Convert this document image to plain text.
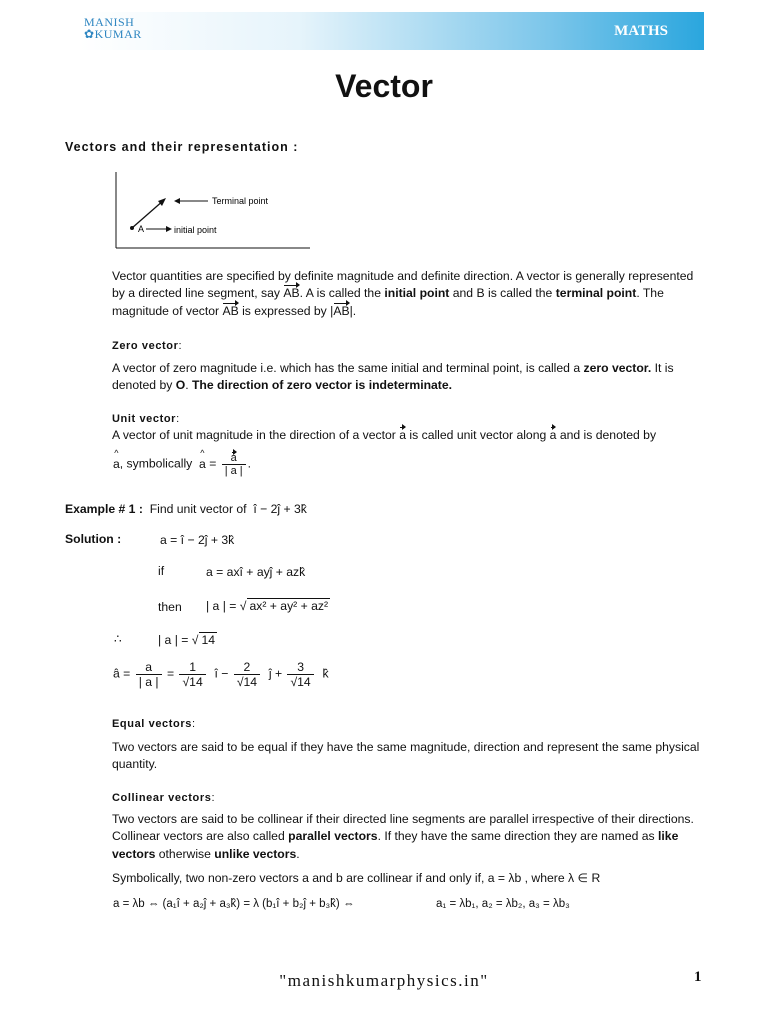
MANISH
✿KUMAR	MATHS
Vector
Vectors and their representation :
Terminal point
A	initial point
Vector quantities are specified by definite magnitude and definite direction. A vector is generally represented by a directed line segment, say AB. A is called the initial point and B is called the terminal point. The magnitude of vector AB is expressed by |AB|.
Zero vector:
A vector of zero magnitude i.e. which has the same initial and terminal point, is called a zero vector. It is denoted by O. The direction of zero vector is indeterminate.
Unit vector:
A vector of unit magnitude in the direction of a vector a is called unit vector along a and is denoted by
^ a, symbolically ^ $a = \frac{a}{| a |}$ .
Example # 1 : Find unit vector of î − 2ĵ + 3k̂
Solution :	a = î − 2ĵ + 3k̂
if	a = axî + ayĵ + azk̂
then | a | = √ ax² + ay² + az²
∴	| a | = √ 14
â = $\frac{a}{| a |} = \frac{1}{√14}$ î − $\frac{2}{√14}$ ĵ + $\frac{3}{√14}$ k̂
Equal vectors:
Two vectors are said to be equal if they have the same magnitude, direction and represent the same physical quantity.
Collinear vectors:
Two vectors are said to be collinear if their directed line segments are parallel irrespective of their directions. Collinear vectors are also called parallel vectors. If they have the same direction they are named as like vectors otherwise unlike vectors.
Symbolically, two non-zero vectors a and b are collinear if and only if, a = λb , where λ ∈ R
a = λb ⇔ (a₁î + a₂ĵ + a₃k̂) = λ (b₁î + b₂ĵ + b₃k̂) ⇔	a₁ = λb₁, a₂ = λb₂, a₃ = λb₃
"manishkumarphysics.in"	1
